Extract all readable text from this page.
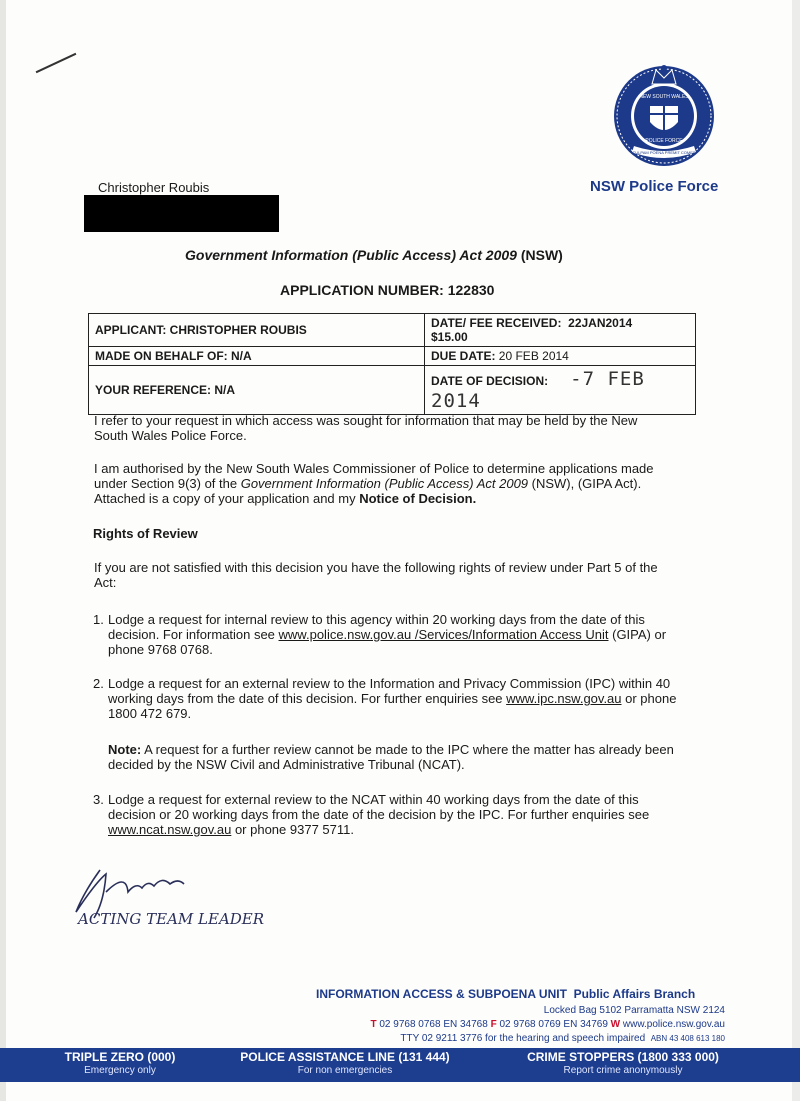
NEW SOUTH WALES
POLICE FORCE
CULPAM POENA PREMIT COMES
NSW Police Force
Christopher Roubis
Government Information (Public Access) Act 2009 (NSW)
APPLICATION NUMBER: 122830
APPLICANT: CHRISTOPHER ROUBIS	DATE/ FEE RECEIVED: 22JAN2014
$15.00
MADE ON BEHALF OF: N/A	DUE DATE: 20 FEB 2014
YOUR REFERENCE: N/A	DATE OF DECISION: -7 FEB 2014
I refer to your request in which access was sought for information that may be held by the New South Wales Police Force.
I am authorised by the New South Wales Commissioner of Police to determine applications made under Section 9(3) of the Government Information (Public Access) Act 2009 (NSW), (GIPA Act). Attached is a copy of your application and my Notice of Decision.
Rights of Review
If you are not satisfied with this decision you have the following rights of review under Part 5 of the Act:
1. Lodge a request for internal review to this agency within 20 working days from the date of this decision. For information see www.police.nsw.gov.au /Services/Information Access Unit (GIPA) or phone 9768 0768.
2. Lodge a request for an external review to the Information and Privacy Commission (IPC) within 40 working days from the date of this decision. For further enquiries see www.ipc.nsw.gov.au or phone 1800 472 679.
Note: A request for a further review cannot be made to the IPC where the matter has already been decided by the NSW Civil and Administrative Tribunal (NCAT).
3. Lodge a request for external review to the NCAT within 40 working days from the date of this decision or 20 working days from the date of the decision by the IPC. For further enquiries see www.ncat.nsw.gov.au or phone 9377 5711.
ACTING TEAM LEADER
INFORMATION ACCESS & SUBPOENA UNIT Public Affairs Branch
Locked Bag 5102 Parramatta NSW 2124
T 02 9768 0768 EN 34768 F 02 9768 0769 EN 34769 W www.police.nsw.gov.au
TTY 02 9211 3776 for the hearing and speech impaired ABN 43 408 613 180
TRIPLE ZERO (000)
Emergency only
POLICE ASSISTANCE LINE (131 444)
For non emergencies
CRIME STOPPERS (1800 333 000)
Report crime anonymously
